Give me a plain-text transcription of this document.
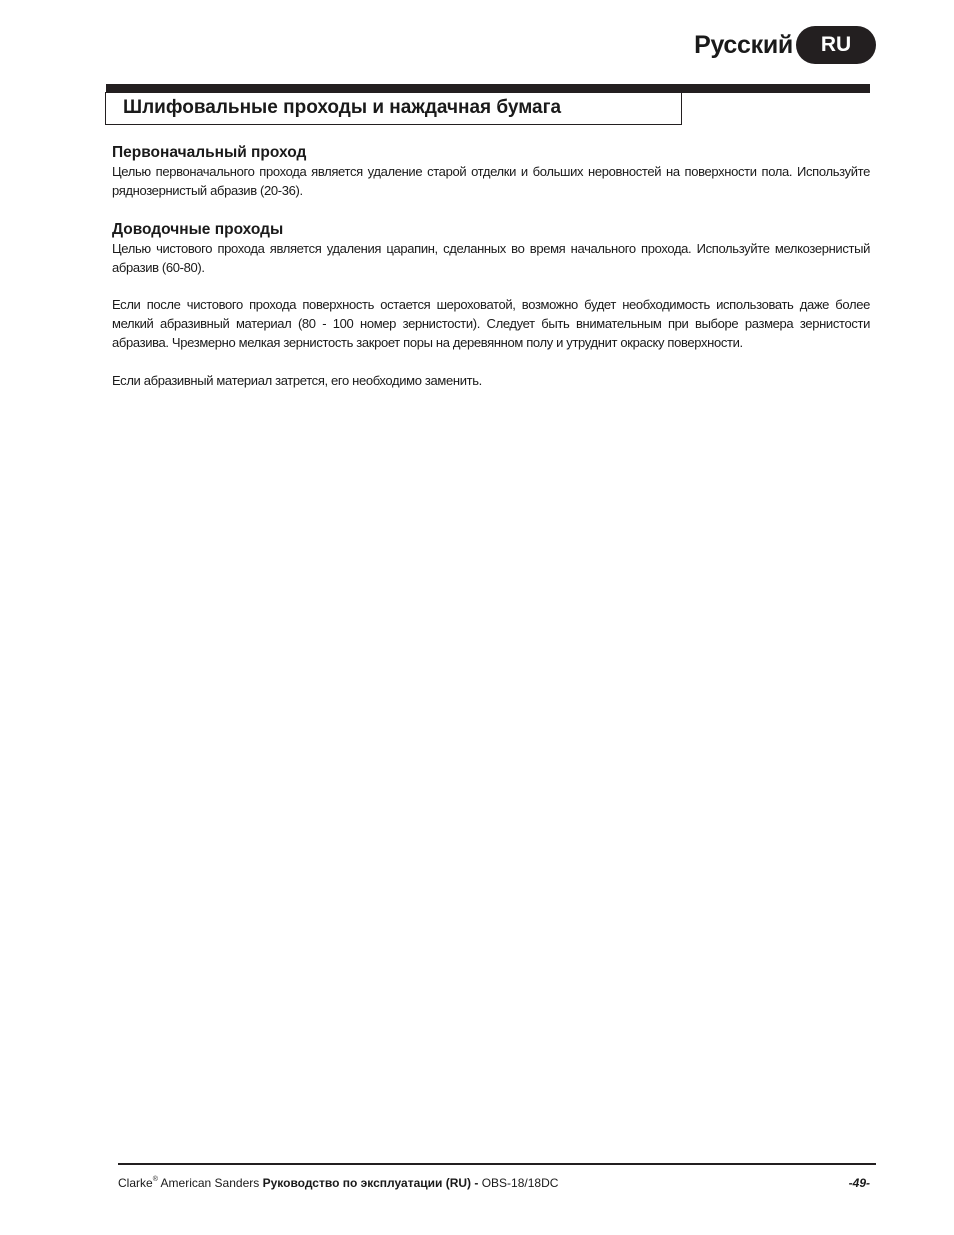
Русский	RU
Шлифовальные проходы и наждачная бумага
Первоначальный проход

Целью первоначального прохода является удаление старой отделки и больших неровностей на поверхности пола. Используйте ряднозернистый абразив (20-36).

Доводочные проходы

Целью чистового прохода является удаления царапин, сделанных во время начального прохода. Используйте мелкозернистый абразив (60-80).

Если после чистового прохода поверхность остается шероховатой, возможно будет необходимость использовать даже более мелкий абразивный материал (80 - 100 номер зернистости). Следует быть внимательным при выборе размера зернистости абразива. Чрезмерно мелкая зернистость закроет поры на деревянном полу и утруднит окраску поверхности.

Если абразивный материал затрется, его необходимо заменить.

Clarke® American Sanders Руководство по эксплуатации (RU) - OBS-18/18DC	-49-
